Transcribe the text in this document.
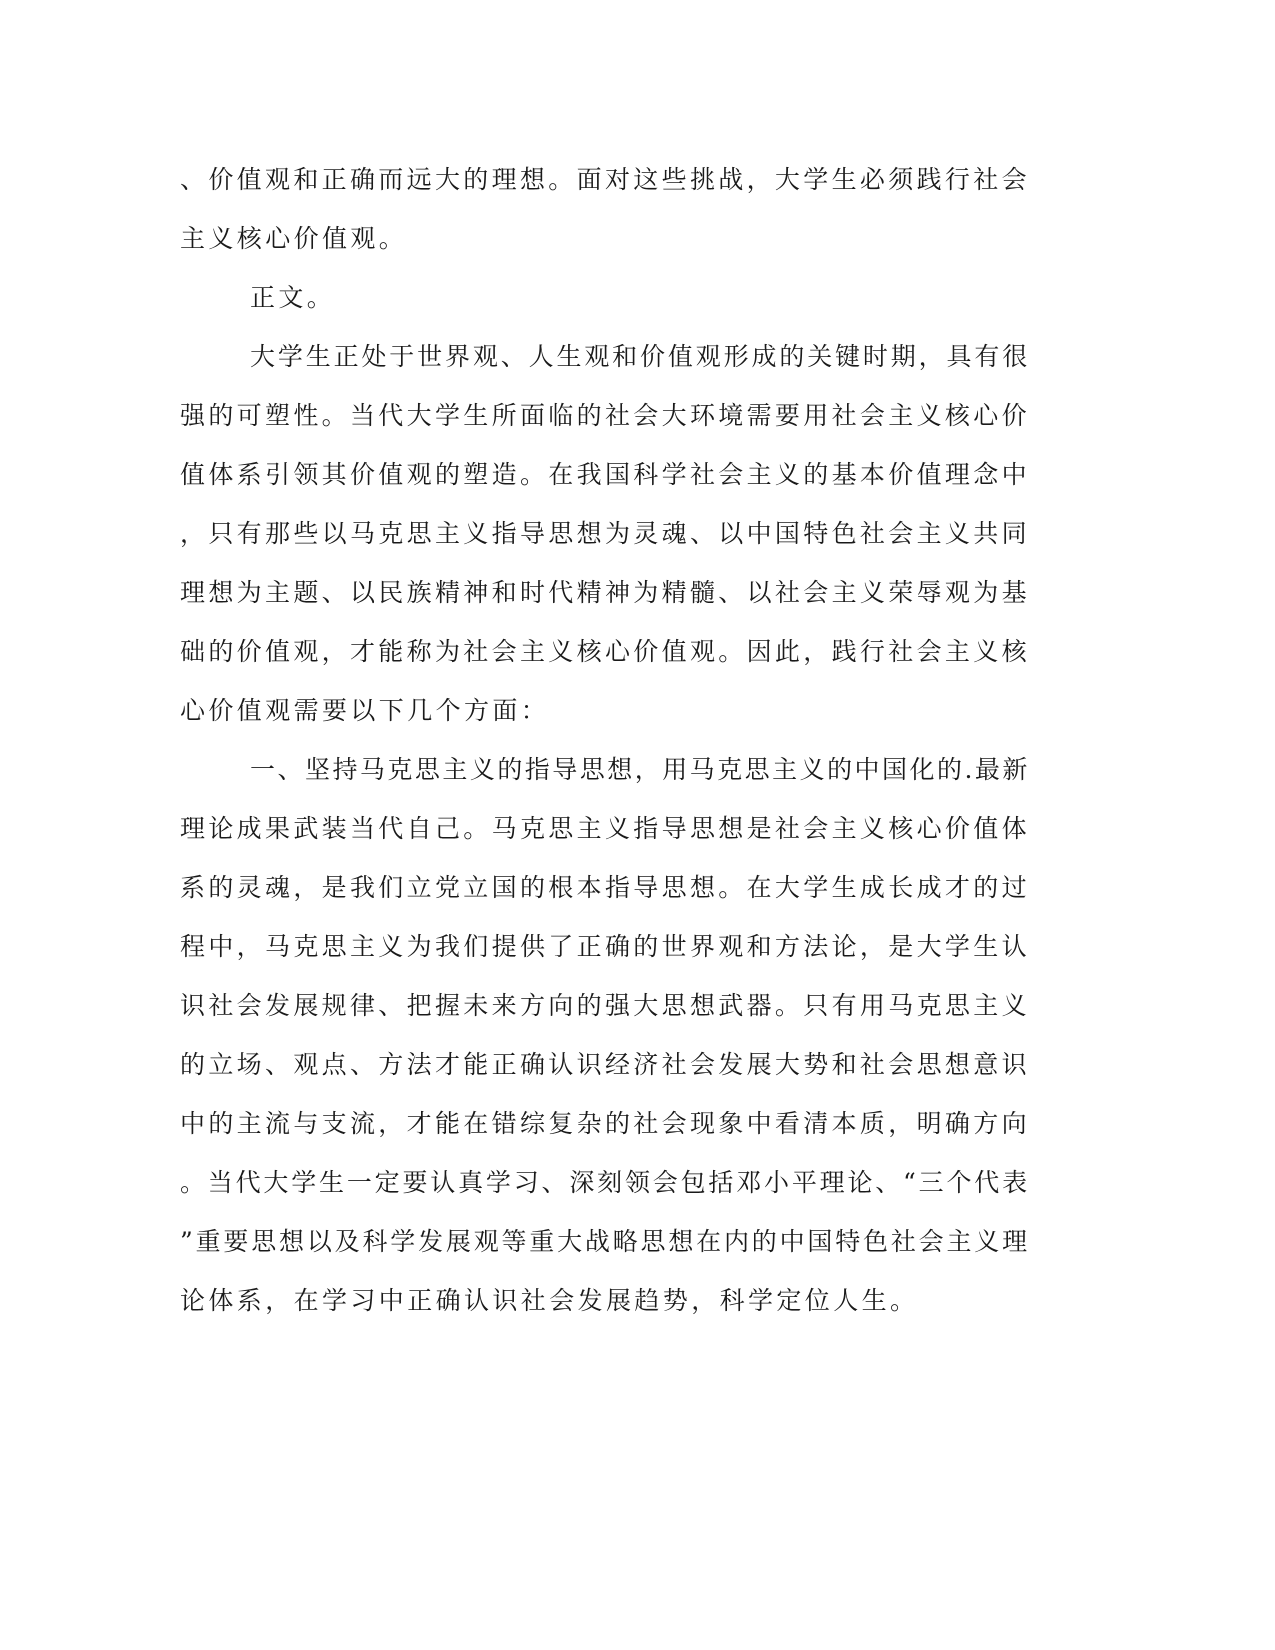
、价值观和正确而远大的理想。面对这些挑战，大学生必须践行社会
主义核心价值观。
正文。
大学生正处于世界观、人生观和价值观形成的关键时期，具有很
强的可塑性。当代大学生所面临的社会大环境需要用社会主义核心价
值体系引领其价值观的塑造。在我国科学社会主义的基本价值理念中
，只有那些以马克思主义指导思想为灵魂、以中国特色社会主义共同
理想为主题、以民族精神和时代精神为精髓、以社会主义荣辱观为基
础的价值观，才能称为社会主义核心价值观。因此，践行社会主义核
心价值观需要以下几个方面：
一、坚持马克思主义的指导思想，用马克思主义的中国化的.最新
理论成果武装当代自己。马克思主义指导思想是社会主义核心价值体
系的灵魂，是我们立党立国的根本指导思想。在大学生成长成才的过
程中，马克思主义为我们提供了正确的世界观和方法论，是大学生认
识社会发展规律、把握未来方向的强大思想武器。只有用马克思主义
的立场、观点、方法才能正确认识经济社会发展大势和社会思想意识
中的主流与支流，才能在错综复杂的社会现象中看清本质，明确方向
。当代大学生一定要认真学习、深刻领会包括邓小平理论、“三个代表
”重要思想以及科学发展观等重大战略思想在内的中国特色社会主义理
论体系，在学习中正确认识社会发展趋势，科学定位人生。
